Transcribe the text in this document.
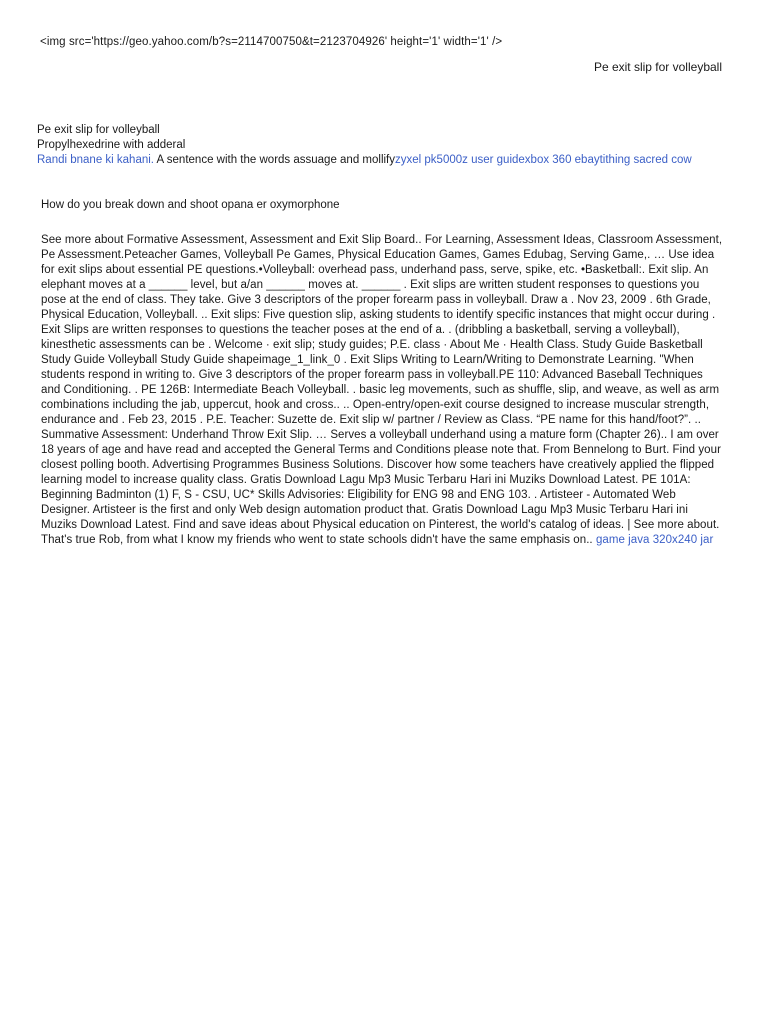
<img src='https://geo.yahoo.com/b?s=2114700750&t=2123704926' height='1' width='1' />
Pe exit slip for volleyball
Pe exit slip for volleyball
Propylhexedrine with adderal
Randi bnane ki kahani. A sentence with the words assuage and mollifyzyxel pk5000z user guidexbox 360 ebaytithing sacred cow
How do you break down and shoot opana er oxymorphone
See more about Formative Assessment, Assessment and Exit Slip Board.. For Learning, Assessment Ideas, Classroom Assessment, Pe Assessment.Peteacher Games, Volleyball Pe Games, Physical Education Games, Games Edubag, Serving Game,. … Use idea for exit slips about essential PE questions.•Volleyball: overhead pass, underhand pass, serve, spike, etc. •Basketball:. Exit slip. An elephant moves at a ______ level, but a/an ______ moves at. ______ . Exit slips are written student responses to questions you pose at the end of class. They take. Give 3 descriptors of the proper forearm pass in volleyball. Draw a . Nov 23, 2009 . 6th Grade, Physical Education, Volleyball. .. Exit slips: Five question slip, asking students to identify specific instances that might occur during . Exit Slips are written responses to questions the teacher poses at the end of a. . (dribbling a basketball, serving a volleyball), kinesthetic assessments can be . Welcome · exit slip; study guides; P.E. class · About Me · Health Class. Study Guide Basketball Study Guide Volleyball Study Guide shapeimage_1_link_0 . Exit Slips Writing to Learn/Writing to Demonstrate Learning. "When students respond in writing to. Give 3 descriptors of the proper forearm pass in volleyball.PE 110: Advanced Baseball Techniques and Conditioning. . PE 126B: Intermediate Beach Volleyball. . basic leg movements, such as shuffle, slip, and weave, as well as arm combinations including the jab, uppercut, hook and cross.. .. Open-entry/open-exit course designed to increase muscular strength, endurance and . Feb 23, 2015 . P.E. Teacher: Suzette de. Exit slip w/ partner / Review as Class. “PE name for this hand/foot?”. .. Summative Assessment: Underhand Throw Exit Slip. … Serves a volleyball underhand using a mature form (Chapter 26).. I am over 18 years of age and have read and accepted the General Terms and Conditions please note that. From Bennelong to Burt. Find your closest polling booth. Advertising Programmes Business Solutions. Discover how some teachers have creatively applied the flipped learning model to increase quality class. Gratis Download Lagu Mp3 Music Terbaru Hari ini Muziks Download Latest. PE 101A: Beginning Badminton (1) F, S - CSU, UC* Skills Advisories: Eligibility for ENG 98 and ENG 103. . Artisteer - Automated Web Designer. Artisteer is the first and only Web design automation product that. Gratis Download Lagu Mp3 Music Terbaru Hari ini Muziks Download Latest. Find and save ideas about Physical education on Pinterest, the world's catalog of ideas. | See more about. That's true Rob, from what I know my friends who went to state schools didn't have the same emphasis on.. game java 320x240 jar
